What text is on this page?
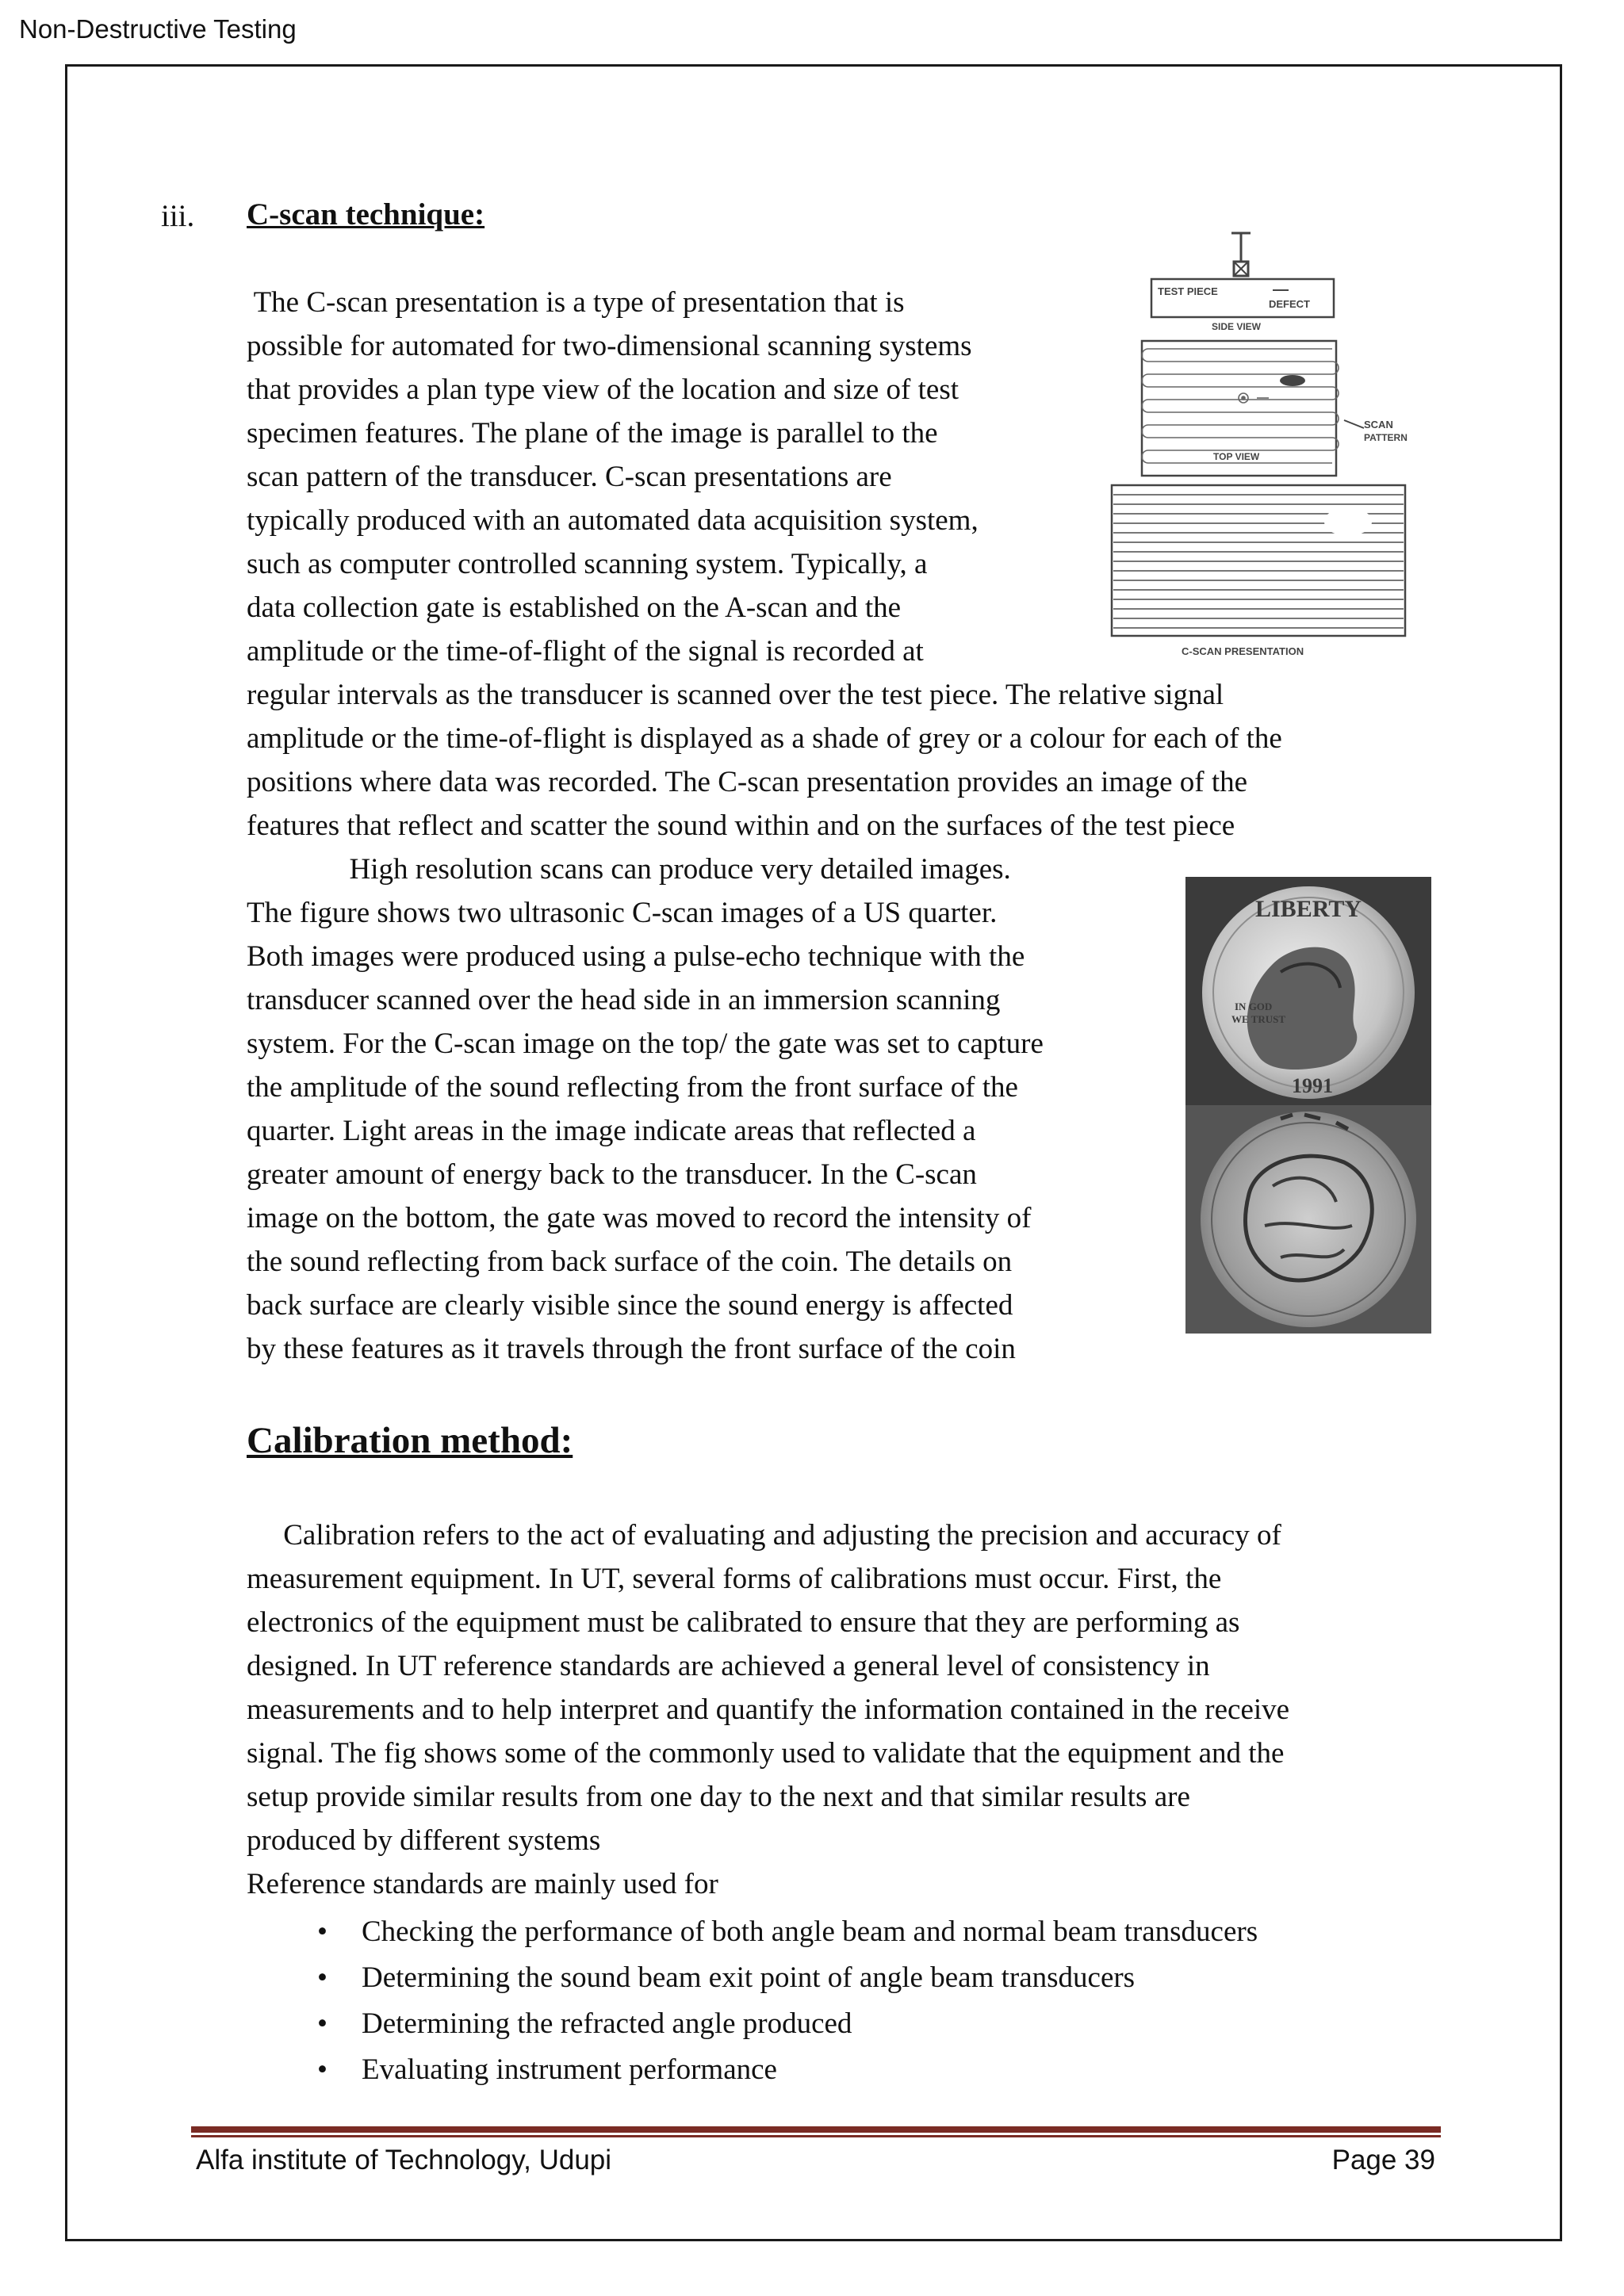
Non-Destructive Testing
iii. C-scan technique:
The C-scan presentation is a type of presentation that is
possible for automated for two-dimensional scanning systems
that provides a plan type view of the location and size of test
specimen features. The plane of the image is parallel to the
scan pattern of the transducer. C-scan presentations are
typically produced with an automated data acquisition system,
such as computer controlled scanning system. Typically, a
data collection gate is established on the A-scan and the
amplitude or the time-of-flight of the signal is recorded at
regular intervals as the transducer is scanned over the test piece. The relative signal
amplitude or the time-of-flight is displayed as a shade of grey or a colour for each of the
positions where data was recorded. The C-scan presentation provides an image of the
features that reflect and scatter the sound within and on the surfaces of the test piece
High resolution scans can produce very detailed images.
The figure shows two ultrasonic C-scan images of a US quarter.
Both images were produced using a pulse-echo technique with the
transducer scanned over the head side in an immersion scanning
system. For the C-scan image on the top/ the gate was set to capture
the amplitude of the sound reflecting from the front surface of the
quarter. Light areas in the image indicate areas that reflected a
greater amount of energy back to the transducer. In the C-scan
image on the bottom, the gate was moved to record the intensity of
the sound reflecting from back surface of the coin. The details on
back surface are clearly visible since the sound energy is affected
by these features as it travels through the front surface of the coin
TEST PIECE
DEFECT
SIDE VIEW
SCAN
PATTERN
TOP VIEW
C-SCAN PRESENTATION
LIBERTY
IN GOD
WE TRUST
1991
Calibration method:
Calibration refers to the act of evaluating and adjusting the precision and accuracy of
measurement equipment. In UT, several forms of calibrations must occur. First, the
electronics of the equipment must be calibrated to ensure that they are performing as
designed. In UT reference standards are achieved a general level of consistency in
measurements and to help interpret and quantify the information contained in the receive
signal. The fig shows some of the commonly used to validate that the equipment and the
setup provide similar results from one day to the next and that similar results are
produced by different systems
Reference standards are mainly used for
• Checking the performance of both angle beam and normal beam transducers
• Determining the sound beam exit point of angle beam transducers
• Determining the refracted angle produced
• Evaluating instrument performance
Alfa institute of Technology, Udupi	Page 39
